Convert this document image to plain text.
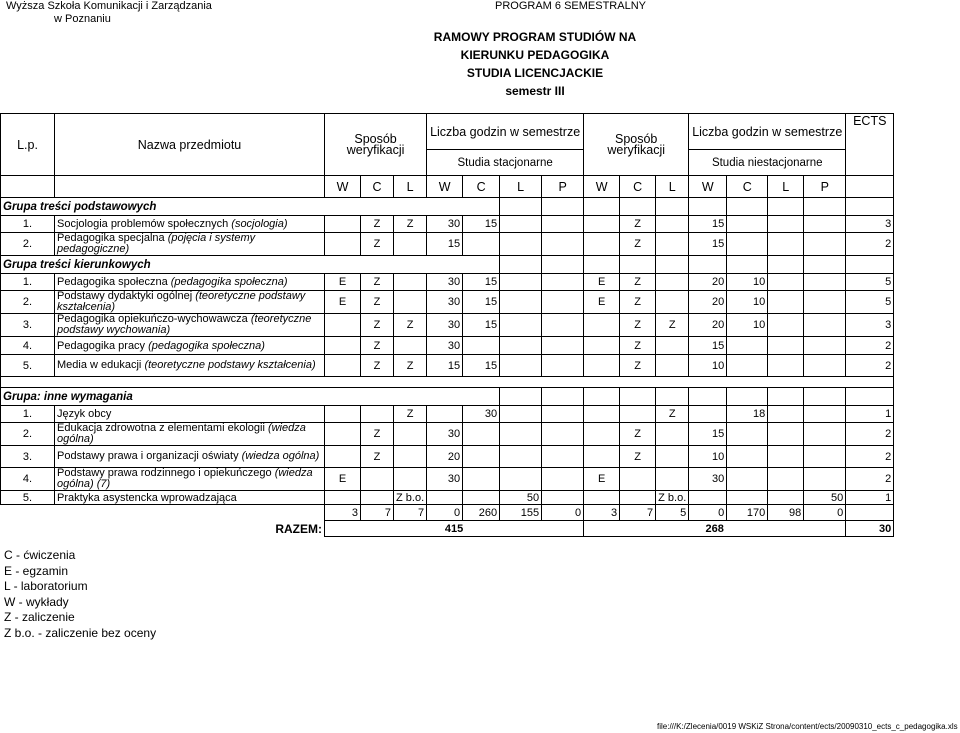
Wyższa Szkoła Komunikacji i Zarządzania
w Poznaniu
PROGRAM 6 SEMESTRALNY
RAMOWY PROGRAM STUDIÓW NA
KIERUNKU PEDAGOGIKA
STUDIA LICENCJACKIE
semestr III
L.p.	Nazwa przedmiotu	Sposób weryfikacji			Liczba godzin w semestrze				Sposób weryfikacji			Liczba godzin w semestrze				ECTS
					Studia stacjonarne							Studia niestacjonarne				
		W	C	L	W	C	L	P	W	C	L	W	C	L	P	
Grupa treści podstawowych																
1.	Socjologia problemów społecznych (socjologia)		Z	Z	30	15				Z		15				3
2.	Pedagogika specjalna (pojęcia i systemy pedagogiczne)		Z		15					Z		15				2
Grupa treści kierunkowych																
1.	Pedagogika społeczna (pedagogika społeczna)	E	Z		30	15			E	Z		20	10			5
2.	Podstawy dydaktyki ogólnej (teoretyczne podstawy kształcenia)	E	Z		30	15			E	Z		20	10			5
3.	Pedagogika opiekuńczo-wychowawcza (teoretyczne podstawy wychowania)		Z	Z	30	15				Z	Z	20	10			3
4.	Pedagogika pracy (pedagogika społeczna)		Z		30					Z		15				2
5.	Media w edukacji (teoretyczne podstawy kształcenia)		Z	Z	15	15				Z		10				2

Grupa: inne wymagania																
1.	Język obcy			Z		30					Z		18			1
2.	Edukacja zdrowotna z elementami ekologii (wiedza ogólna)		Z		30					Z		15				2
3.	Podstawy prawa i organizacji oświaty (wiedza ogólna)		Z		20					Z		10				2
4.	Podstawy prawa rodzinnego i opiekuńczego (wiedza ogólna) (7)	E			30				E			30				2
5.	Praktyka asystencka wprowadzająca			Z b.o.			50				Z b.o.				50	1
		3	7	7	0	260	155	0	3	7	5	0	170	98	0	
	RAZEM:	415							268							30
C - ćwiczenia
E - egzamin
L - laboratorium
W - wykłady
Z - zaliczenie
Z b.o. - zaliczenie bez oceny
file:///K:/Zlecenia/0019 WSKiZ Strona/content/ects/20090310_ects_c_pedagogika.xls
